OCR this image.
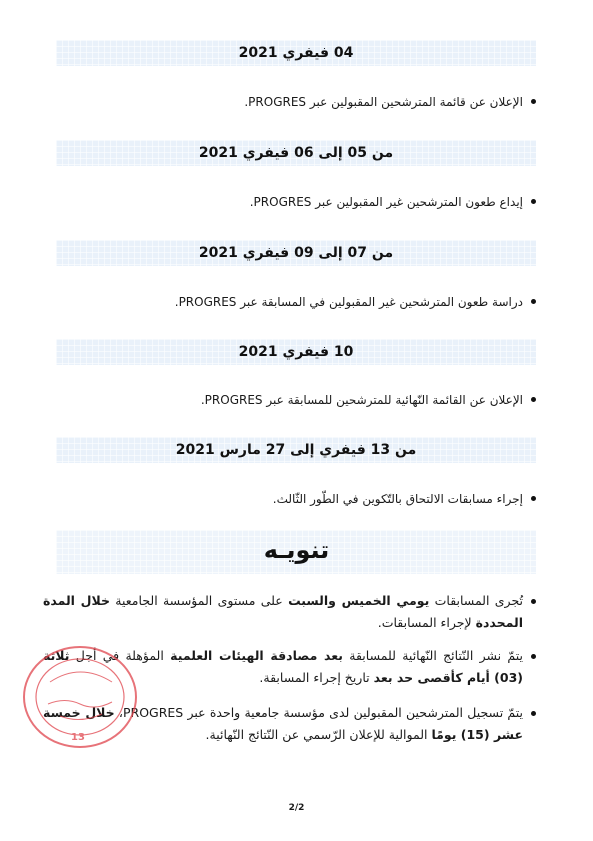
04 فيفري 2021
الإعلان عن قائمة المترشحين المقبولين عبر PROGRES.
من 05 إلى 06 فيفري 2021
إيداع طعون المترشحين غير المقبولين عبر PROGRES.
من 07 إلى 09 فيفري 2021
دراسة طعون المترشحين غير المقبولين في المسابقة عبر PROGRES.
10 فيفري 2021
الإعلان عن القائمة النّهائية للمترشحين للمسابقة عبر PROGRES.
من 13 فيفري إلى 27 مارس 2021
إجراء مسابقات الالتحاق بالتّكوين في الطّور الثّالث.
تنويـه
تُجرى المسابقات يومي الخميس والسبت على مستوى المؤسسة الجامعية خلال المدة المحددة لإجراء المسابقات.
يتمّ نشر النّتائج النّهائية للمسابقة بعد مصادقة الهيئات العلمية المؤهلة في أجل ثلاثة (03) أيام كأقصى حد بعد تاريخ إجراء المسابقة.
يتمّ تسجيل المترشحين المقبولين لدى مؤسسة جامعية واحدة عبر PROGRES، خلال خمسة عشر (15) يومًا الموالية للإعلان الرّسمي عن النّتائج النّهائية.
13
2/2
